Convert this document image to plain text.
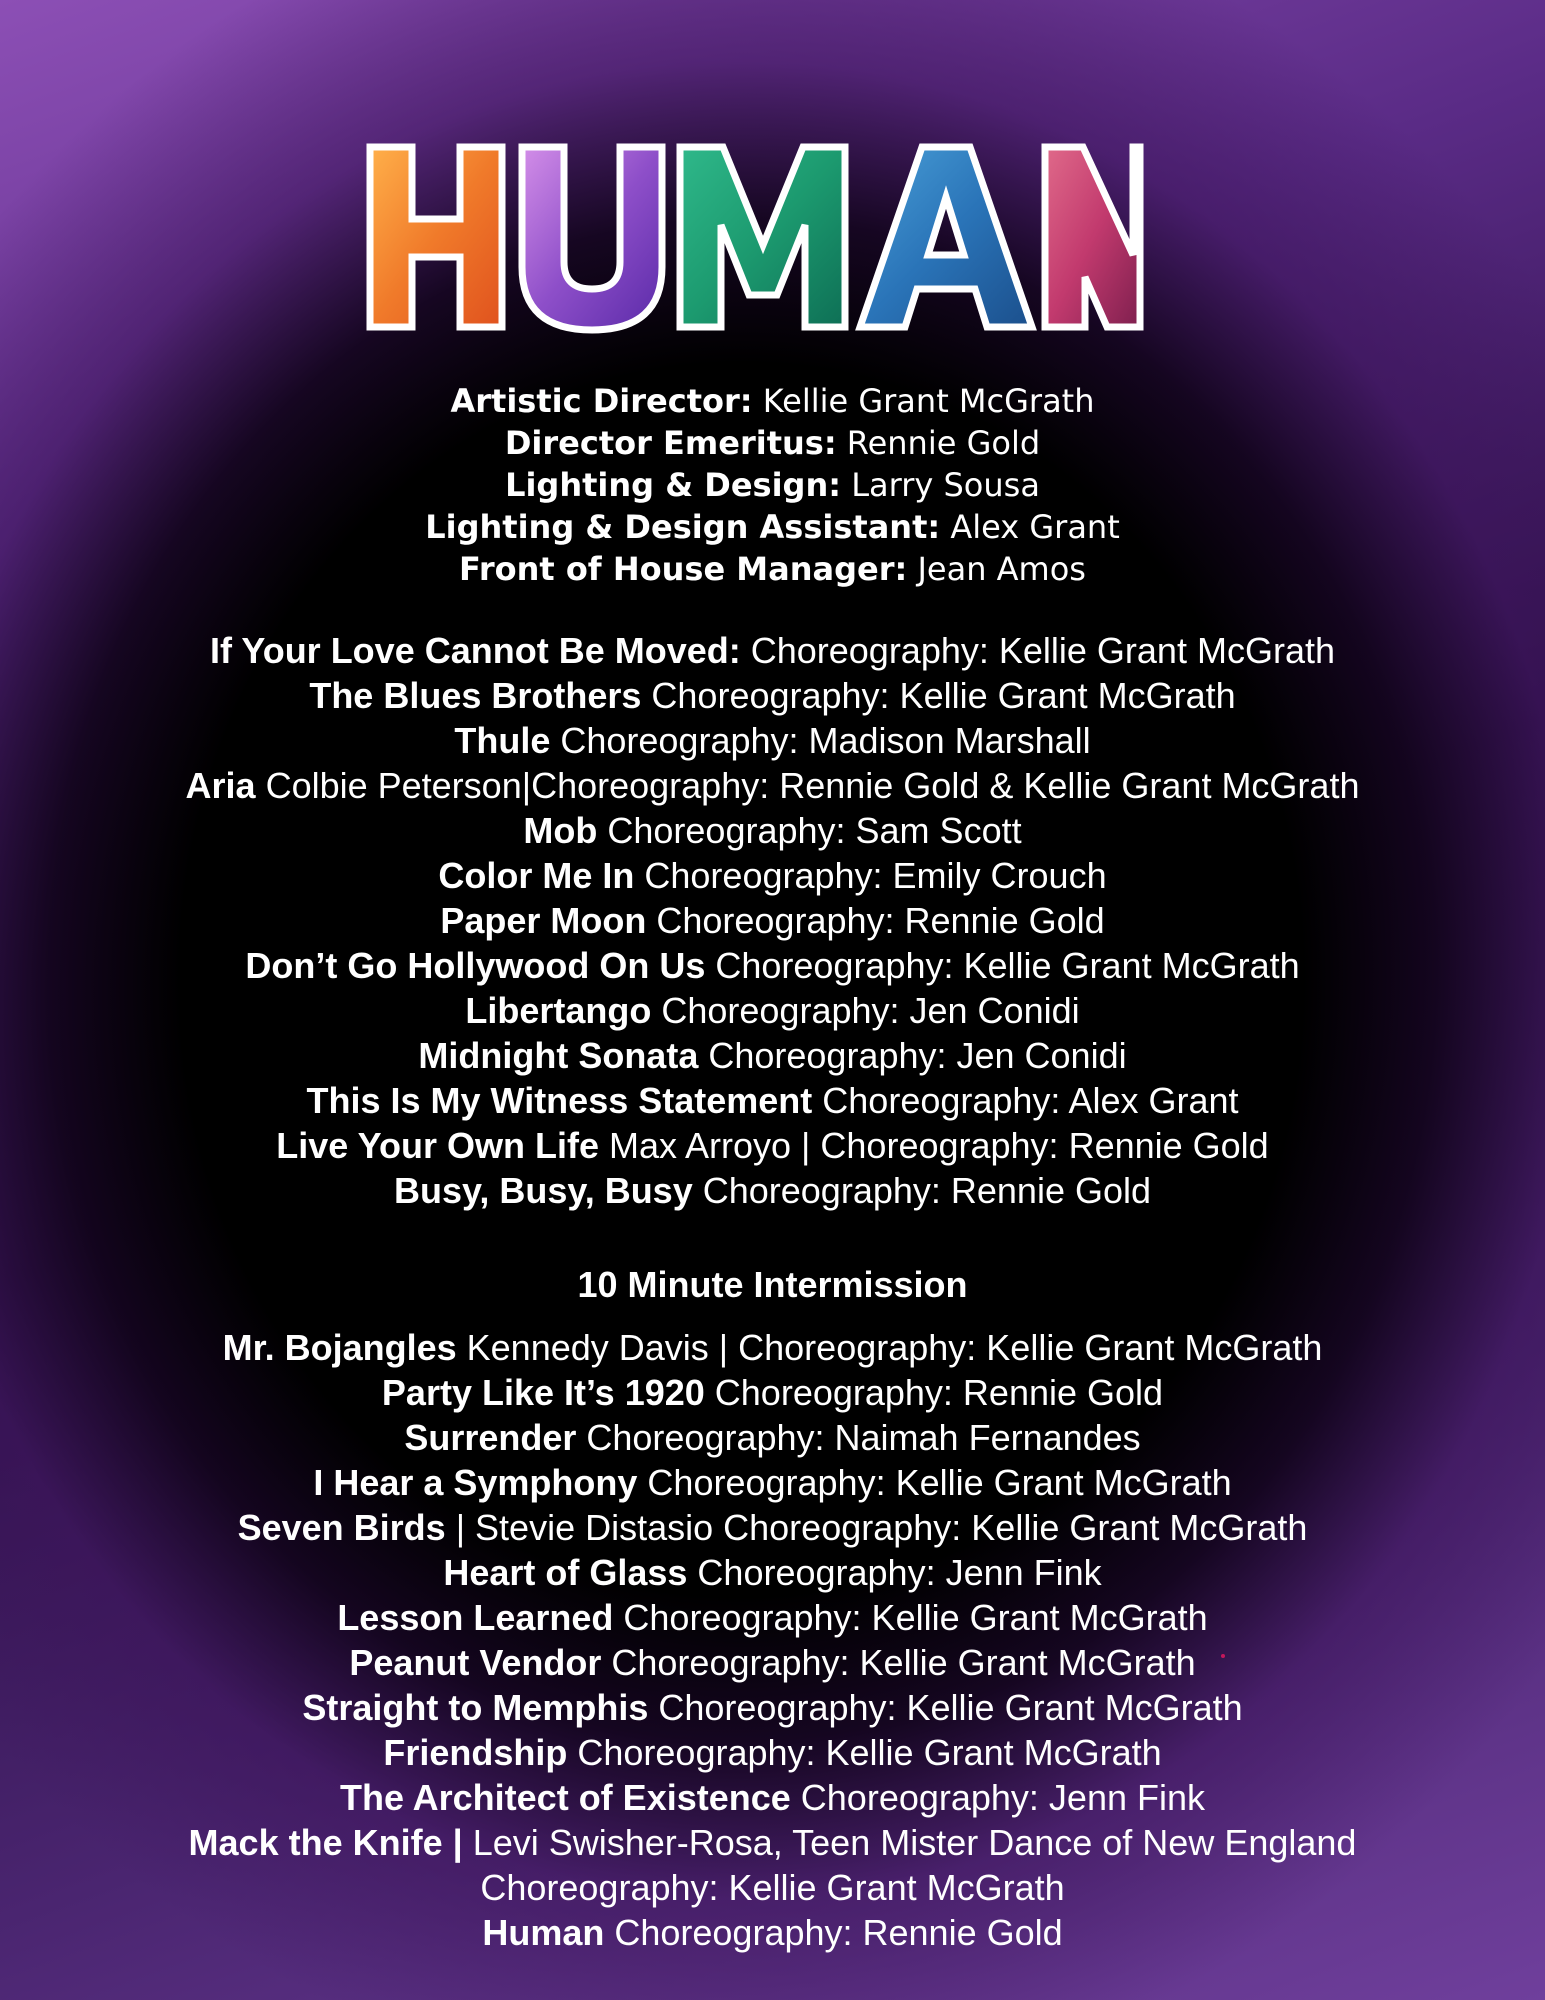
Artistic Director: Kellie Grant McGrath
Director Emeritus: Rennie Gold
Lighting & Design: Larry Sousa
Lighting & Design Assistant: Alex Grant
Front of House Manager: Jean Amos
If Your Love Cannot Be Moved: Choreography: Kellie Grant McGrath
The Blues Brothers Choreography: Kellie Grant McGrath
Thule Choreography: Madison Marshall
Aria Colbie Peterson|Choreography: Rennie Gold & Kellie Grant McGrath
Mob Choreography: Sam Scott
Color Me In Choreography: Emily Crouch
Paper Moon Choreography: Rennie Gold
Don’t Go Hollywood On Us Choreography: Kellie Grant McGrath
Libertango Choreography: Jen Conidi
Midnight Sonata Choreography: Jen Conidi
This Is My Witness Statement Choreography: Alex Grant
Live Your Own Life Max Arroyo | Choreography: Rennie Gold
Busy, Busy, Busy Choreography: Rennie Gold
10 Minute Intermission
Mr. Bojangles Kennedy Davis | Choreography: Kellie Grant McGrath
Party Like It’s 1920 Choreography: Rennie Gold
Surrender Choreography: Naimah Fernandes
I Hear a Symphony Choreography: Kellie Grant McGrath
Seven Birds | Stevie Distasio Choreography: Kellie Grant McGrath
Heart of Glass Choreography: Jenn Fink
Lesson Learned Choreography: Kellie Grant McGrath
Peanut Vendor Choreography: Kellie Grant McGrath
Straight to Memphis Choreography: Kellie Grant McGrath
Friendship Choreography: Kellie Grant McGrath
The Architect of Existence Choreography: Jenn Fink
Mack the Knife | Levi Swisher-Rosa, Teen Mister Dance of New England
Choreography: Kellie Grant McGrath
Human Choreography: Rennie Gold
